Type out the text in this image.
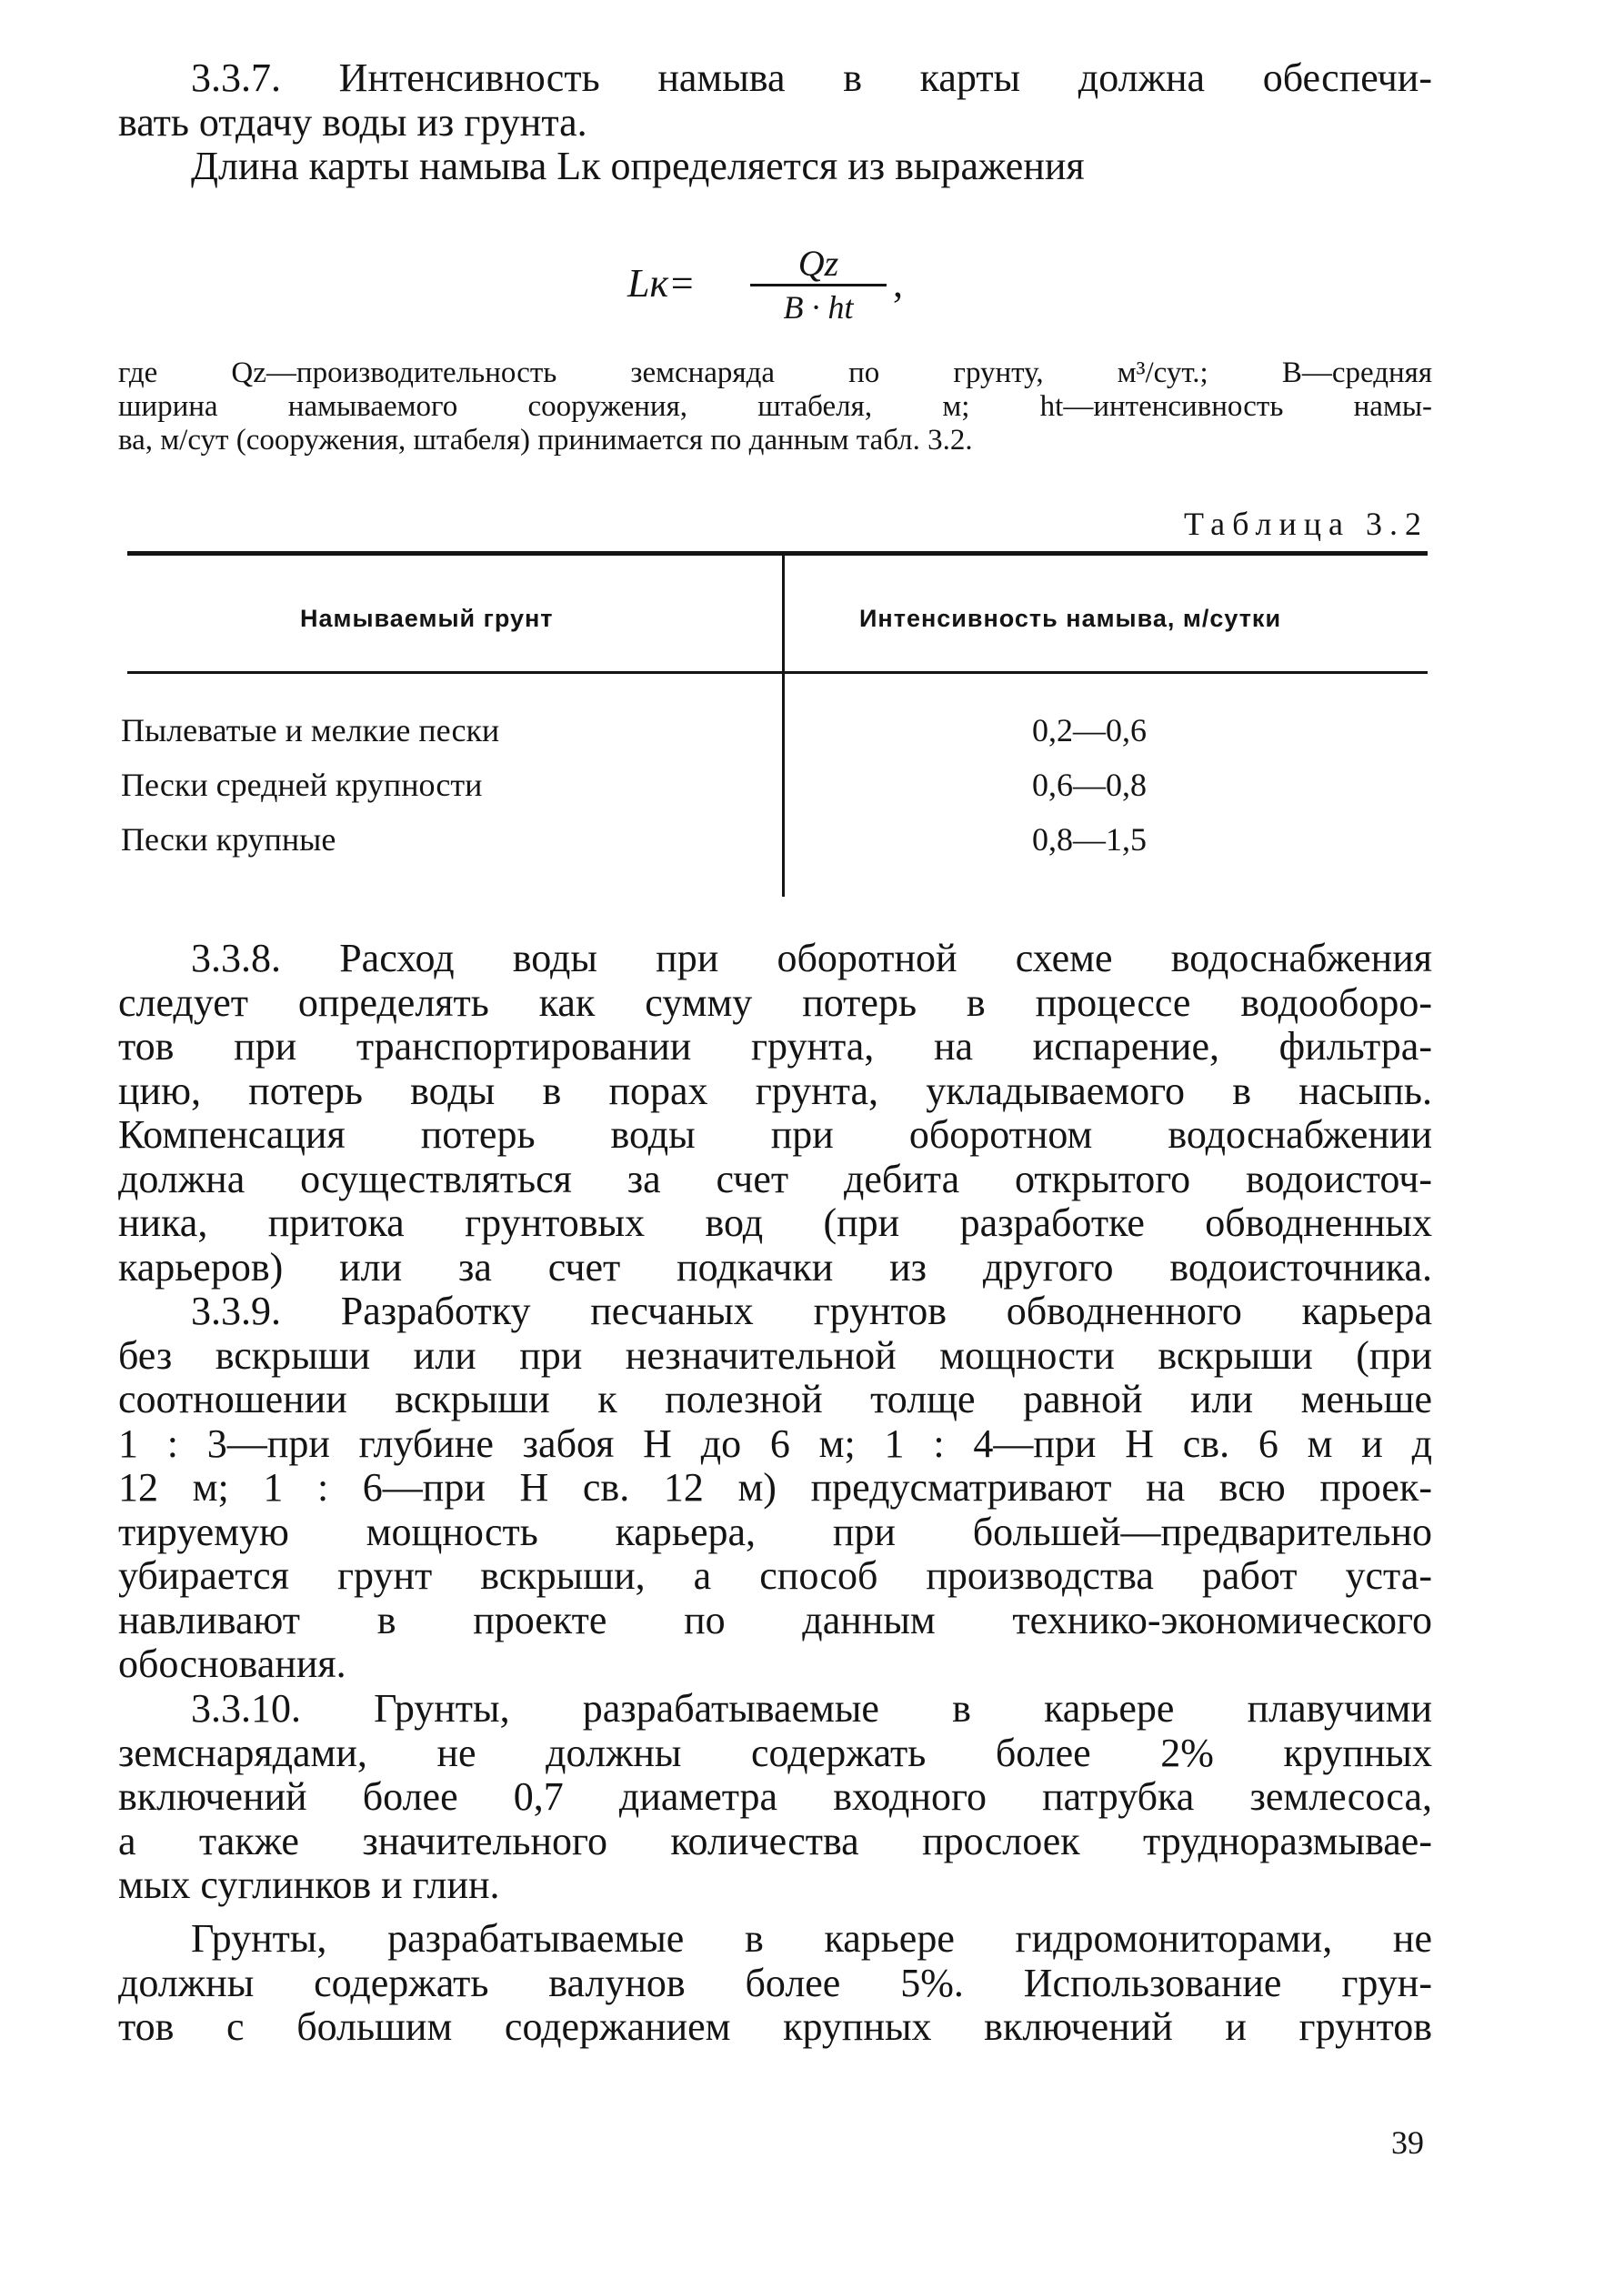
3.3.7. Интенсивность намыва в карты должна обеспечи-
вать отдачу воды из грунта.
Длина карты намыва Lк определяется из выражения
Lк=	Qz
B · ht
,
где Qz—производительность земснаряда по грунту, м³/сут.; B—средняя
ширина намываемого сооружения, штабеля, м; ht—интенсивность намы-
ва, м/сут (сооружения, штабеля) принимается по данным табл. 3.2.
Таблица 3.2
Намываемый грунт	Интенсивность намыва, м/сутки
Пылеватые и мелкие пески	0,2—0,6
Пески средней крупности	0,6—0,8
Пески крупные	0,8—1,5
3.3.8. Расход воды при оборотной схеме водоснабжения
следует определять как сумму потерь в процессе водооборо-
тов при транспортировании грунта, на испарение, фильтра-
цию, потерь воды в порах грунта, укладываемого в насыпь.
Компенсация потерь воды при оборотном водоснабжении
должна осуществляться за счет дебита открытого водоисточ-
ника, притока грунтовых вод (при разработке обводненных
карьеров) или за счет подкачки из другого водоисточника.
3.3.9. Разработку песчаных грунтов обводненного карьера
без вскрыши или при незначительной мощности вскрыши (при
соотношении вскрыши к полезной толще равной или меньше
1 : 3—при глубине забоя H до 6 м; 1 : 4—при H св. 6 м и д
12 м; 1 : 6—при H св. 12 м) предусматривают на всю проек-
тируемую мощность карьера, при большей—предварительно
убирается грунт вскрыши, а способ производства работ уста-
навливают в проекте по данным технико-экономического
обоснования.
3.3.10. Грунты, разрабатываемые в карьере плавучими
земснарядами, не должны содержать более 2% крупных
включений более 0,7 диаметра входного патрубка землесоса,
а также значительного количества прослоек трудноразмывае-
мых суглинков и глин.
Грунты, разрабатываемые в карьере гидромониторами, не
должны содержать валунов более 5%. Использование грун-
тов с большим содержанием крупных включений и грунтов
39
